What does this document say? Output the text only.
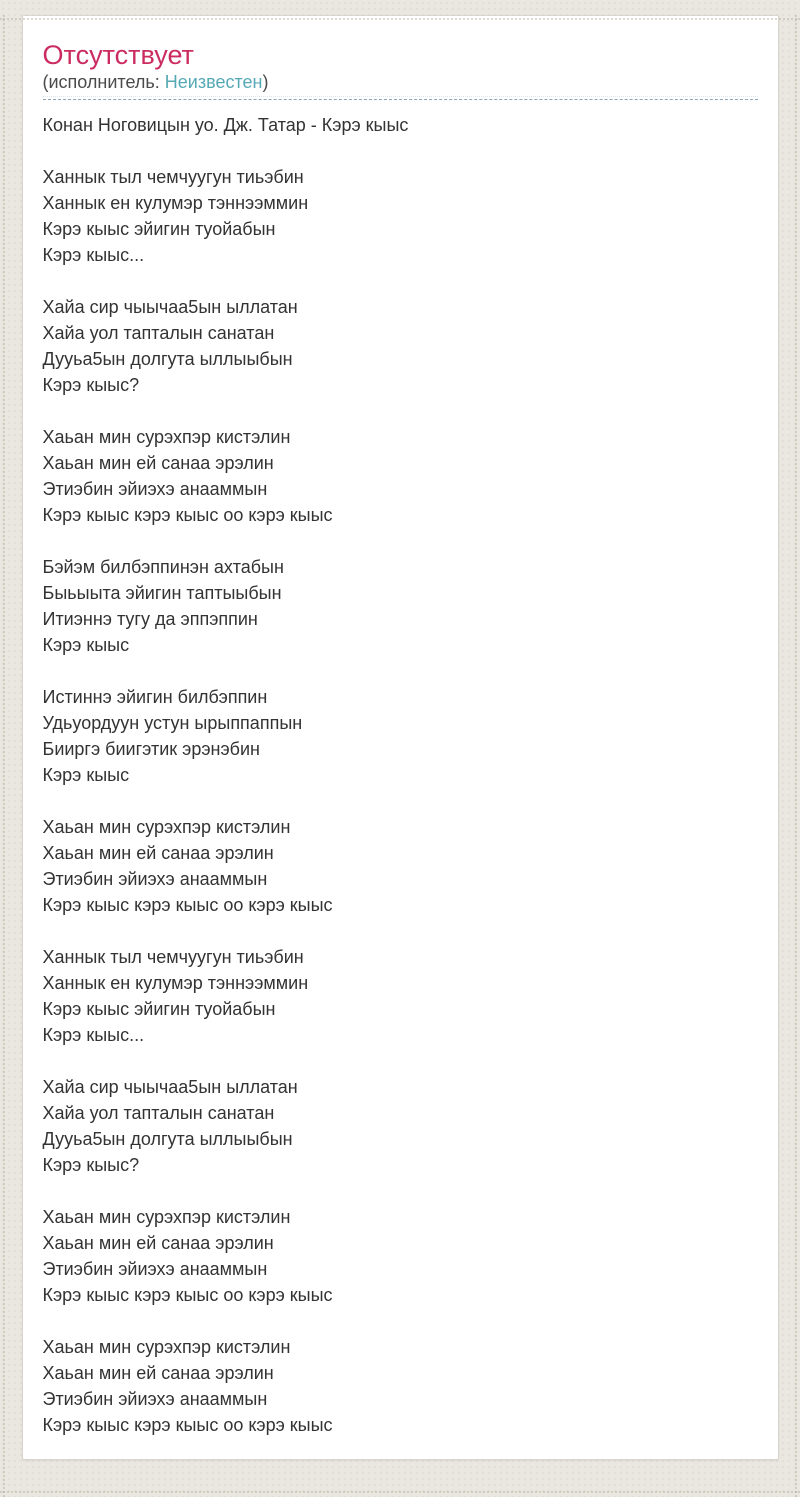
Отсутствует
(исполнитель: Неизвестен)
Конан Ноговицын уо. Дж. Татар - Кэрэ кыыс

Ханнык тыл чемчуугун тиьэбин
Ханнык ен кулумэр тэннээммин
Кэрэ кыыс эйигин туойабын
Кэрэ кыыс...

Хайа сир чыычаа5ын ыллатан
Хайа уол тапталын санатан
Дууьа5ын долгута ыллыыбын
Кэрэ кыыс?

Хаьан мин сурэхпэр кистэлин
Хаьан мин ей санаа эрэлин
Этиэбин эйиэхэ анааммын
Кэрэ кыыс кэрэ кыыс оо кэрэ кыыс

Бэйэм билбэппинэн ахтабын
Быьыыта эйигин таптыыбын
Итиэннэ тугу да эппэппин
Кэрэ кыыс

Истиннэ эйигин билбэппин
Удьуордуун устун ырыппаппын
Бииргэ биигэтик эрэнэбин
Кэрэ кыыс

Хаьан мин сурэхпэр кистэлин
Хаьан мин ей санаа эрэлин
Этиэбин эйиэхэ анааммын
Кэрэ кыыс кэрэ кыыс оо кэрэ кыыс

Ханнык тыл чемчуугун тиьэбин
Ханнык ен кулумэр тэннээммин
Кэрэ кыыс эйигин туойабын
Кэрэ кыыс...

Хайа сир чыычаа5ын ыллатан
Хайа уол тапталын санатан
Дууьа5ын долгута ыллыыбын
Кэрэ кыыс?

Хаьан мин сурэхпэр кистэлин
Хаьан мин ей санаа эрэлин
Этиэбин эйиэхэ анааммын
Кэрэ кыыс кэрэ кыыс оо кэрэ кыыс

Хаьан мин сурэхпэр кистэлин
Хаьан мин ей санаа эрэлин
Этиэбин эйиэхэ анааммын
Кэрэ кыыс кэрэ кыыс оо кэрэ кыыс
